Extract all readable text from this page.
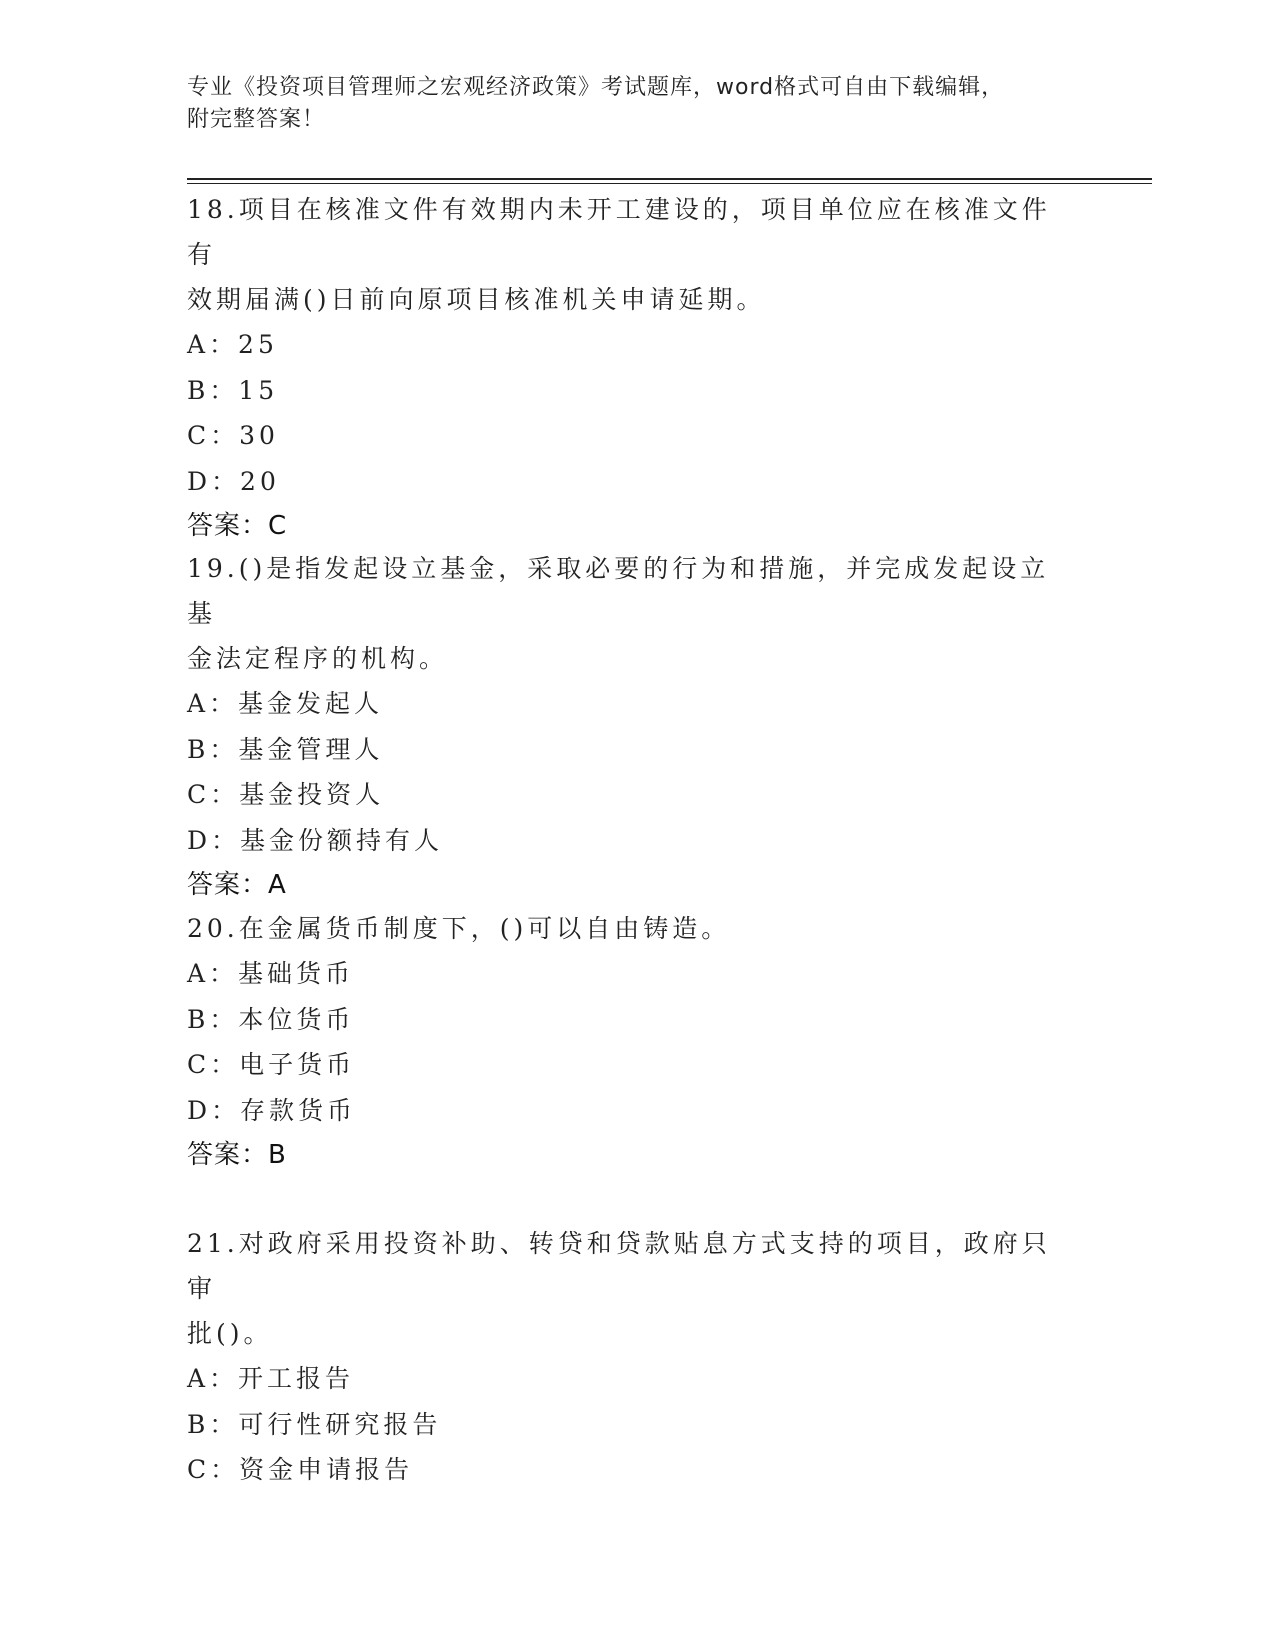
专业《投资项目管理师之宏观经济政策》考试题库，word格式可自由下载编辑，
附完整答案！

18.项目在核准文件有效期内未开工建设的，项目单位应在核准文件有

效期届满()日前向原项目核准机关申请延期。

A：25

B：15

C：30

D：20

答案：C

19.()是指发起设立基金，采取必要的行为和措施，并完成发起设立基

金法定程序的机构。

A：基金发起人

B：基金管理人

C：基金投资人

D：基金份额持有人

答案：A

20.在金属货币制度下，()可以自由铸造。

A：基础货币

B：本位货币

C：电子货币

D：存款货币

答案：B

21.对政府采用投资补助、转贷和贷款贴息方式支持的项目，政府只审

批()。

A：开工报告

B：可行性研究报告

C：资金申请报告
